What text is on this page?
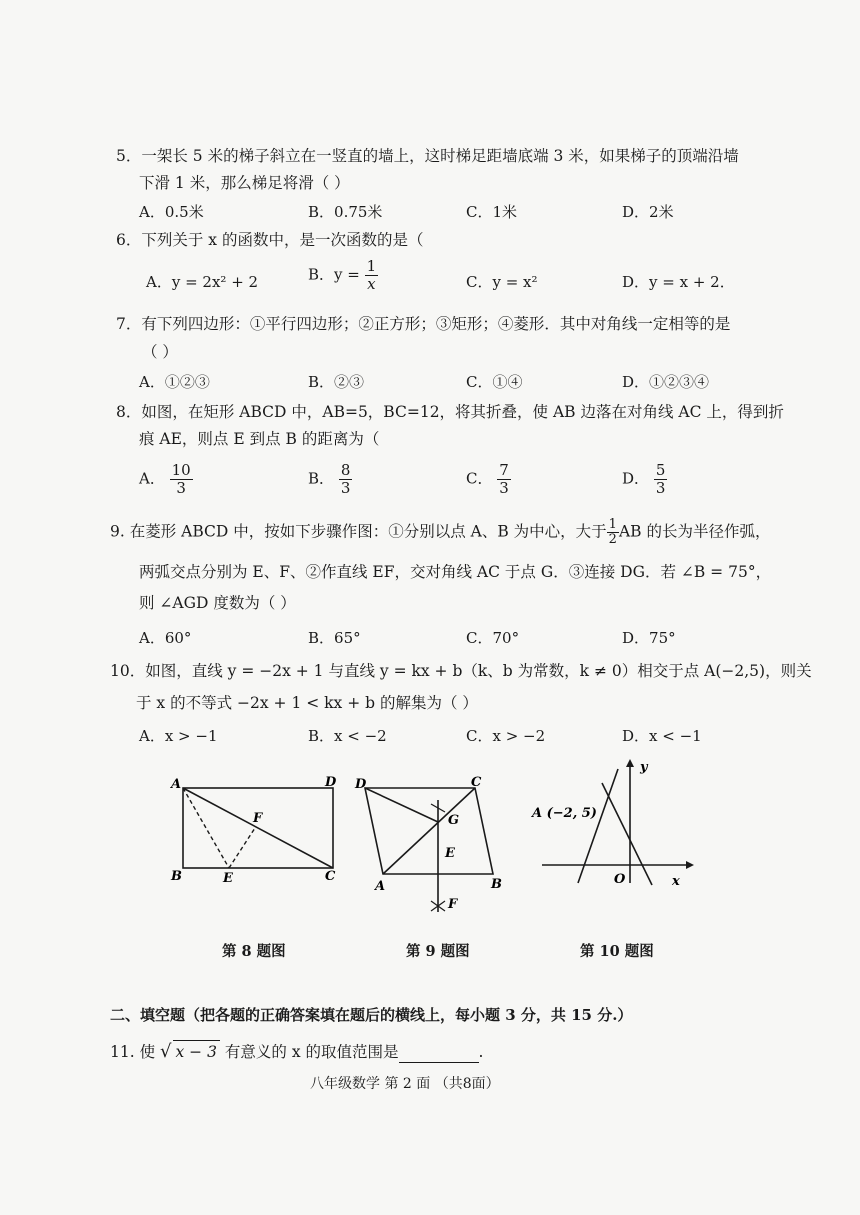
5．一架长 5 米的梯子斜立在一竖直的墙上，这时梯足距墙底端 3 米，如果梯子的顶端沿墙
下滑 1 米，那么梯足将滑（ ）
A．0.5米	B．0.75米	C．1米	D．2米
6．下列关于 x 的函数中，是一次函数的是（
A．y = 2x² + 2	B．$y = \frac{1}{x}$	C．y = x²	D．y = x + 2．
7．有下列四边形：①平行四边形；②正方形；③矩形；④菱形．其中对角线一定相等的是
（ ）
A．①②③	B．②③	C．①④	D．①②③④
8．如图，在矩形 ABCD 中，AB=5，BC=12，将其折叠，使 AB 边落在对角线 AC 上，得到折
痕 AE，则点 E 到点 B 的距离为（
A． $\frac{10}{3}$	B． $\frac{8}{3}$	C． $\frac{7}{3}$	D． $\frac{5}{3}$
9. 在菱形 ABCD 中，按如下步骤作图：①分别以点 A、B 为中心，大于 $\frac{1}{2}$ AB 的长为半径作弧，
两弧交点分别为 E、F、②作直线 EF，交对角线 AC 于点 G．③连接 DG．若 ∠B = 75°，
则 ∠AGD 度数为（ ）
A．60°	B．65°	C．70°	D．75°
10．如图，直线 y = −2x + 1 与直线 y = kx + b（k、b 为常数，k ≠ 0）相交于点 A(−2,5)，则关
于 x 的不等式 −2x + 1 < kx + b 的解集为（ ）
A．x > −1	B．x < −2	C．x > −2	D．x < −1
A	D
B	C
E
F
第 8 题图
D	C
A	B
G
E
F
第 9 题图
A (−2, 5)
O	x
y
第 10 题图
二、填空题（把各题的正确答案填在题后的横线上，每小题 3 分，共 15 分.）
11. 使 √ x − 3 有意义的 x 的取值范围是	.
八年级数学 第 2 面 （共8面）
